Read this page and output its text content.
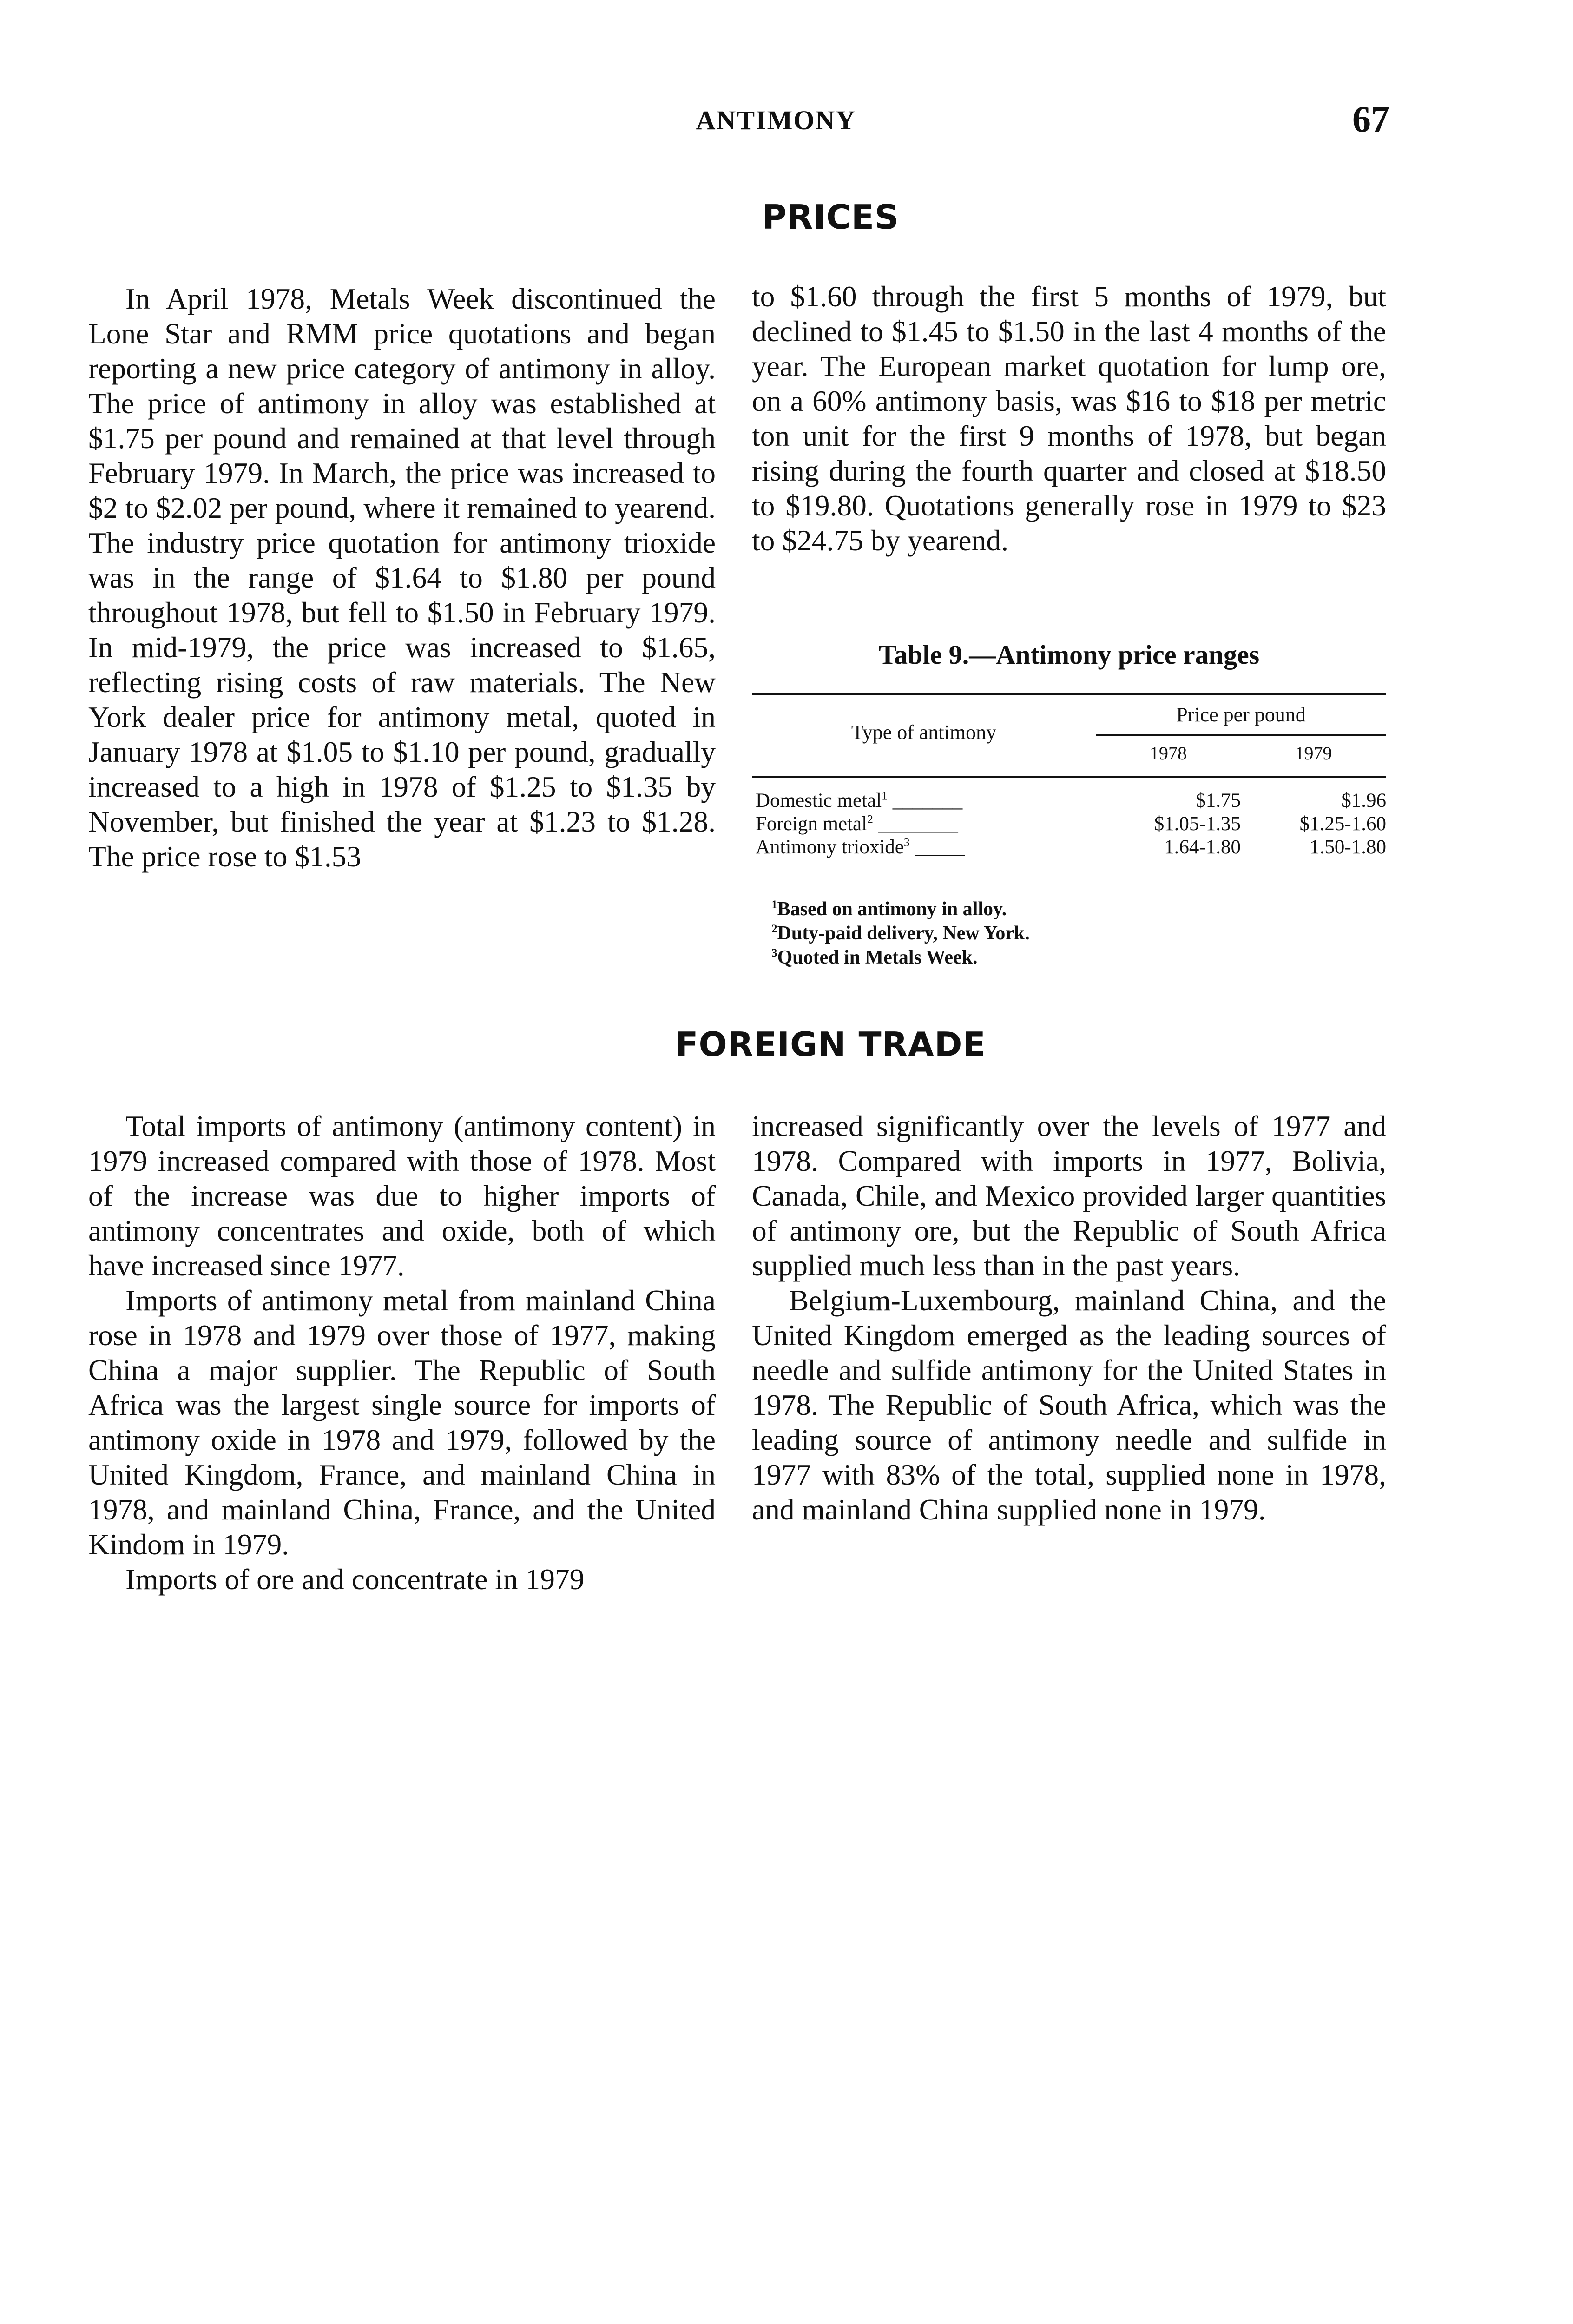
ANTIMONY	67
PRICES

In April 1978, Metals Week discontinued the Lone Star and RMM price quotations and began reporting a new price category of antimony in alloy. The price of antimony in alloy was established at $1.75 per pound and remained at that level through February 1979. In March, the price was increased to $2 to $2.02 per pound, where it remained to yearend. The industry price quotation for antimony trioxide was in the range of $1.64 to $1.80 per pound throughout 1978, but fell to $1.50 in February 1979. In mid-1979, the price was increased to $1.65, reflecting rising costs of raw materials. The New York dealer price for antimony metal, quoted in January 1978 at $1.05 to $1.10 per pound, gradually increased to a high in 1978 of $1.25 to $1.35 by November, but finished the year at $1.23 to $1.28. The price rose to $1.53

to $1.60 through the first 5 months of 1979, but declined to $1.45 to $1.50 in the last 4 months of the year. The European market quotation for lump ore, on a 60% antimony basis, was $16 to $18 per metric ton unit for the first 9 months of 1978, but began rising during the fourth quarter and closed at $18.50 to $19.80. Quotations generally rose in 1979 to $23 to $24.75 by yearend.

Table 9.—Antimony price ranges
Type of antimony
Price per pound
1978	1979
Domestic metal$^1$ _______	$1.75	$1.96
Foreign metal$^2$ ________	$1.05-1.35	$1.25-1.60
Antimony trioxide$^3$ _____	1.64-1.80	1.50-1.80
$^1$Based on antimony in alloy.
$^2$Duty-paid delivery, New York.
$^3$Quoted in Metals Week.
FOREIGN TRADE

Total imports of antimony (antimony content) in 1979 increased compared with those of 1978. Most of the increase was due to higher imports of antimony concentrates and oxide, both of which have increased since 1977.

Imports of antimony metal from mainland China rose in 1978 and 1979 over those of 1977, making China a major supplier. The Republic of South Africa was the largest single source for imports of antimony oxide in 1978 and 1979, followed by the United Kingdom, France, and mainland China in 1978, and mainland China, France, and the United Kindom in 1979.

Imports of ore and concentrate in 1979

increased significantly over the levels of 1977 and 1978. Compared with imports in 1977, Bolivia, Canada, Chile, and Mexico provided larger quantities of antimony ore, but the Republic of South Africa supplied much less than in the past years.

Belgium-Luxembourg, mainland China, and the United Kingdom emerged as the leading sources of needle and sulfide antimony for the United States in 1978. The Republic of South Africa, which was the leading source of antimony needle and sulfide in 1977 with 83% of the total, supplied none in 1978, and mainland China supplied none in 1979.
